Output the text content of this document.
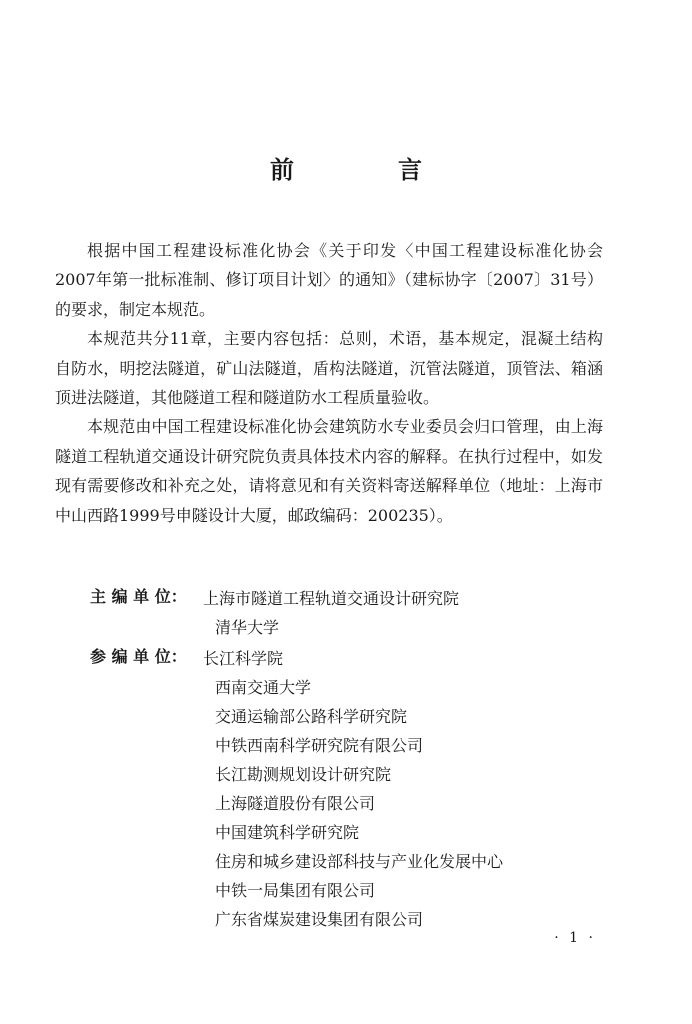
前　言

根据中国工程建设标准化协会《关于印发〈中国工程建设标准化协会2007年第一批标准制、修订项目计划〉的通知》（建标协字〔2007〕31号）的要求，制定本规范。

本规范共分11章，主要内容包括：总则，术语，基本规定，混凝土结构自防水，明挖法隧道，矿山法隧道，盾构法隧道，沉管法隧道，顶管法、箱涵顶进法隧道，其他隧道工程和隧道防水工程质量验收。

本规范由中国工程建设标准化协会建筑防水专业委员会归口管理，由上海隧道工程轨道交通设计研究院负责具体技术内容的解释。在执行过程中，如发现有需要修改和补充之处，请将意见和有关资料寄送解释单位（地址：上海市中山西路1999号申隧设计大厦，邮政编码：200235）。

主 编 单 位：	上海市隧道工程轨道交通设计研究院
清华大学
参 编 单 位：	长江科学院
西南交通大学
交通运输部公路科学研究院
中铁西南科学研究院有限公司
长江勘测规划设计研究院
上海隧道股份有限公司
中国建筑科学研究院
住房和城乡建设部科技与产业化发展中心
中铁一局集团有限公司
广东省煤炭建设集团有限公司
· 1 ·
